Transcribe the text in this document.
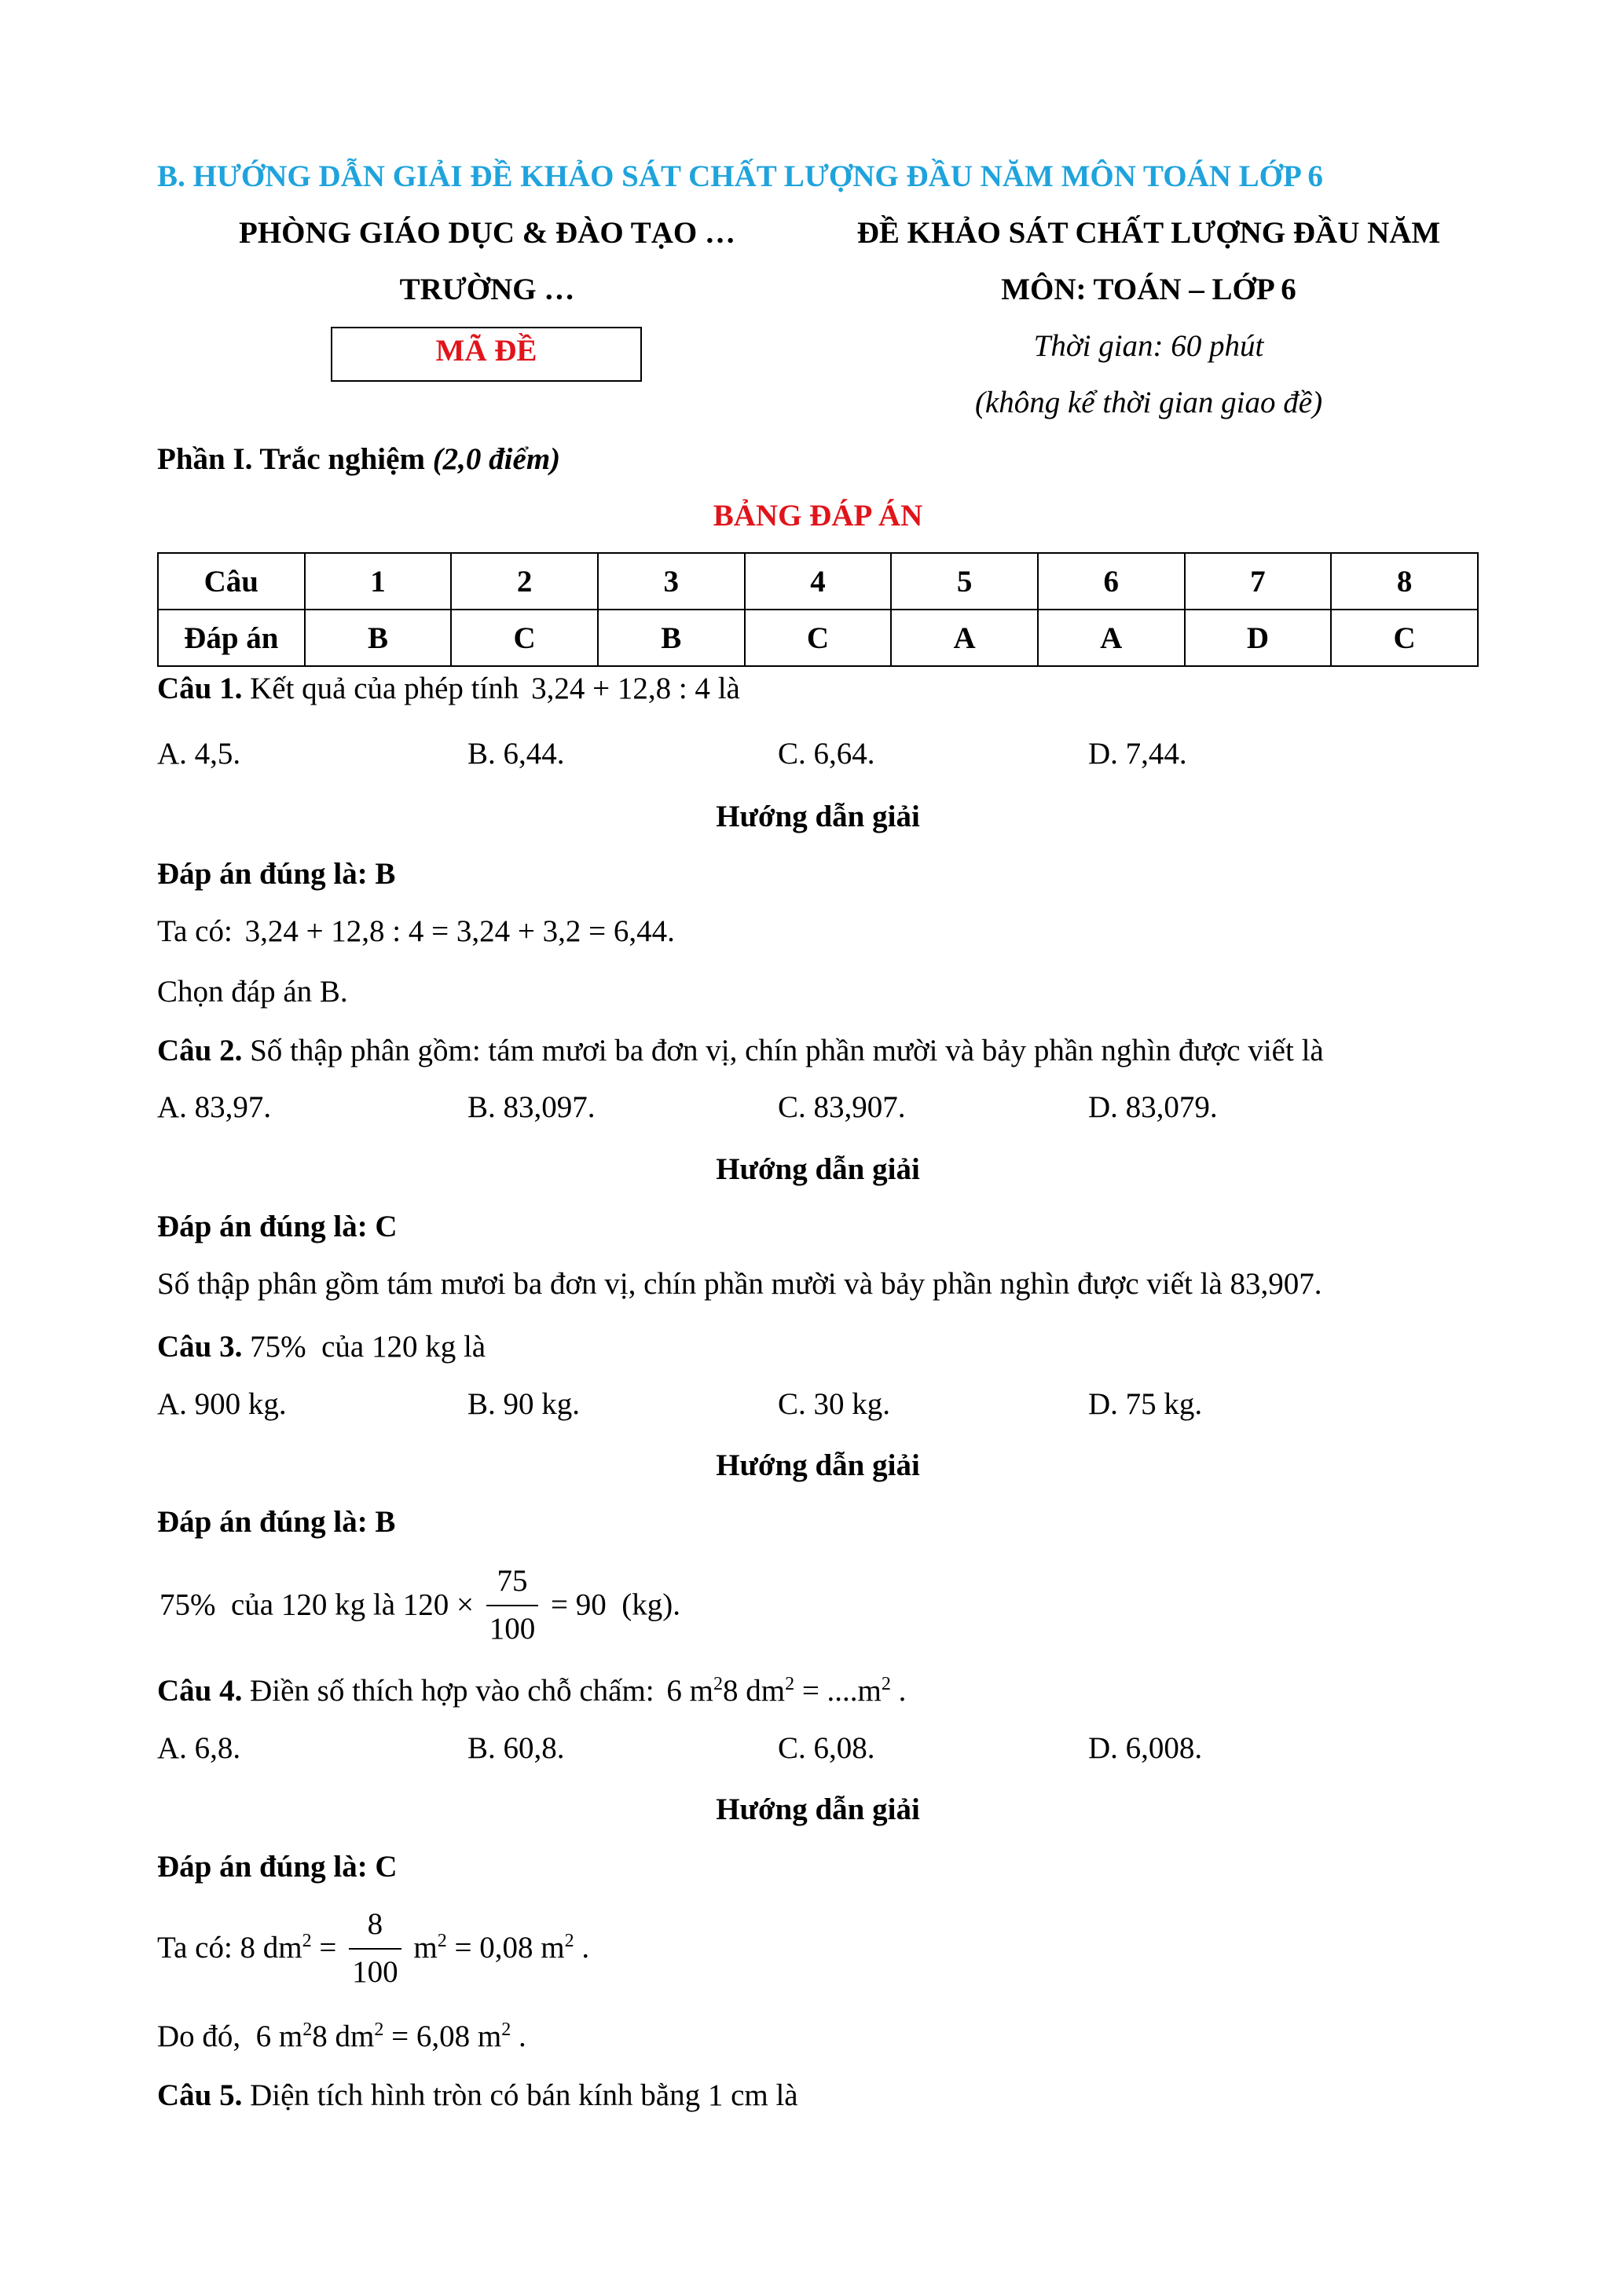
B. HƯỚNG DẪN GIẢI ĐỀ KHẢO SÁT CHẤT LƯỢNG ĐẦU NĂM MÔN TOÁN LỚP 6
PHÒNG GIÁO DỤC & ĐÀO TẠO …
TRƯỜNG …
MÃ ĐỀ
ĐỀ KHẢO SÁT CHẤT LƯỢNG ĐẦU NĂM
MÔN: TOÁN – LỚP 6
Thời gian: 60 phút
(không kể thời gian giao đề)
Phần I. Trắc nghiệm (2,0 điểm)
BẢNG ĐÁP ÁN
Câu	1	2	3	4	5	6	7	8
Đáp án	B	C	B	C	A	A	D	C
Câu 1. Kết quả của phép tính 3,24 + 12,8 : 4 là
A. 4,5.	B. 6,44.	C. 6,64.	D. 7,44.
Hướng dẫn giải
Đáp án đúng là: B
Ta có: 3,24 + 12,8 : 4 = 3,24 + 3,2 = 6,44.
Chọn đáp án B.
Câu 2. Số thập phân gồm: tám mươi ba đơn vị, chín phần mười và bảy phần nghìn được viết là
A. 83,97.	B. 83,097.	C. 83,907.	D. 83,079.
Hướng dẫn giải
Đáp án đúng là: C
Số thập phân gồm tám mươi ba đơn vị, chín phần mười và bảy phần nghìn được viết là 83,907.
Câu 3. 75%  của 120 kg là
A. 900 kg.	B. 90 kg.	C. 30 kg.	D. 75 kg.
Hướng dẫn giải
Đáp án đúng là: B
75%  của 120 kg là $120 \times \frac{75}{100} = 90$  (kg).
Câu 4. Điền số thích hợp vào chỗ chấm: 6 $m^28$ $dm^2 = ....m^2$ .
A. 6,8.	B. 60,8.	C. 6,08.	D. 6,008.
Hướng dẫn giải
Đáp án đúng là: C
Ta có: 8 $dm^2 = \frac{8}{100} m^2 = 0,08$ $m^2$ .
Do đó,  6 $m^28$ $dm^2 = 6,08$ $m^2$ .
Câu 5. Diện tích hình tròn có bán kính bằng 1 cm là
